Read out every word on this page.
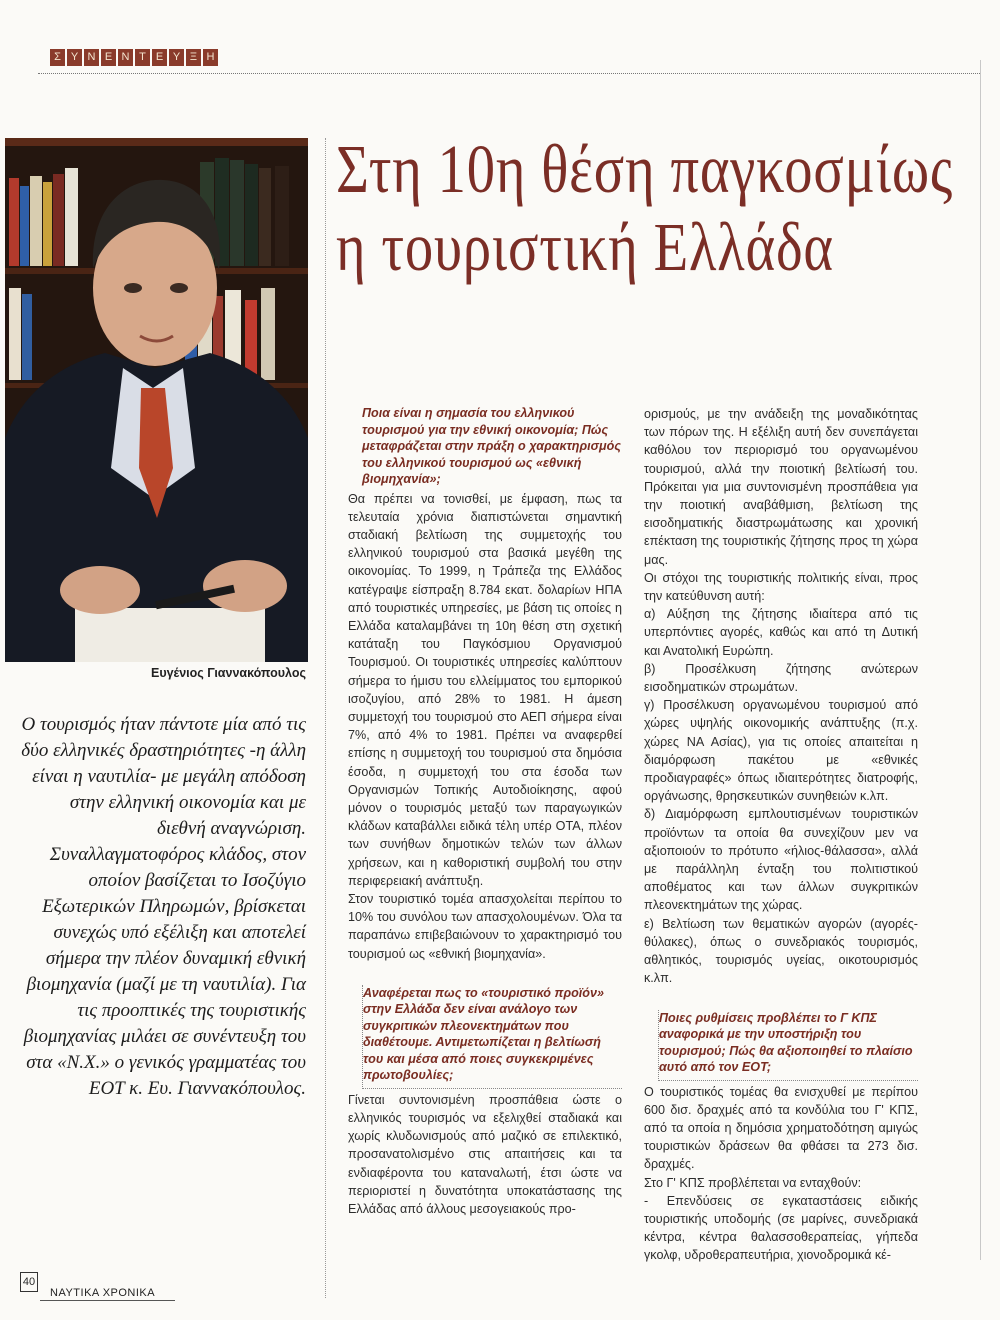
Σ Υ Ν Ε Ν Τ Ε Υ Ξ Η
Ευγένιος Γιαννακόπουλος
Ο τουρισμός ήταν πάντοτε μία από τις δύο ελληνικές δραστηριότητες -η άλλη είναι η ναυτιλία- με μεγάλη απόδοση στην ελληνική οικονομία και με διεθνή αναγνώριση. Συναλλαγματοφόρος κλάδος, στον οποίον βασίζεται το Ισοζύγιο Εξωτερικών Πληρωμών, βρίσκεται συνεχώς υπό εξέλιξη και αποτελεί σήμερα την πλέον δυναμική εθνική βιομηχανία (μαζί με τη ναυτιλία). Για τις προοπτικές της τουριστικής βιομηχανίας μιλάει σε συνέντευξη του στα «Ν.Χ.» ο γενικός γραμματέας του ΕΟΤ κ. Ευ. Γιαννακόπουλος.
Στη 10η θέση παγκοσμίως
η τουριστική Ελλάδα
Ποια είναι η σημασία του ελληνικού τουρισμού για την εθνική οικονομία; Πώς μεταφράζεται στην πράξη ο χαρακτηρισμός του ελληνικού τουρισμού ως «εθνική βιομηχανία»;

Θα πρέπει να τονισθεί, με έμφαση, πως τα τελευταία χρόνια διαπιστώνεται σημαντική σταδιακή βελτίωση της συμμετοχής του ελληνικού τουρισμού στα βασικά μεγέθη της οικονομίας. Το 1999, η Τράπεζα της Ελλάδος κατέγραψε είσπραξη 8.784 εκατ. δολαρίων ΗΠΑ από τουριστικές υπηρεσίες, με βάση τις οποίες η Ελλάδα καταλαμβάνει τη 10η θέση στη σχετική κατάταξη του Παγκόσμιου Οργανισμού Τουρισμού. Οι τουριστικές υπηρεσίες καλύπτουν σήμερα το ήμισυ του ελλείμματος του εμπορικού ισοζυγίου, από 28% το 1981. Η άμεση συμμετοχή του τουρισμού στο ΑΕΠ σήμερα είναι 7%, από 4% το 1981. Πρέπει να αναφερθεί επίσης η συμμετοχή του τουρισμού στα δημόσια έσοδα, η συμμετοχή του στα έσοδα των Οργανισμών Τοπικής Αυτοδιοίκησης, αφού μόνον ο τουρισμός μεταξύ των παραγωγικών κλάδων καταβάλλει ειδικά τέλη υπέρ ΟΤΑ, πλέον των συνήθων δημοτικών τελών των άλλων χρήσεων, και η καθοριστική συμβολή του στην περιφερειακή ανάπτυξη.

Στον τουριστικό τομέα απασχολείται περίπου το 10% του συνόλου των απασχολουμένων. Όλα τα παραπάνω επιβεβαιώνουν το χαρακτηρισμό του τουρισμού ως «εθνική βιομηχανία».

Αναφέρεται πως το «τουριστικό προϊόν» στην Ελλάδα δεν είναι ανάλογο των συγκριτικών πλεονεκτημάτων που διαθέτουμε. Αντιμετωπίζεται η βελτίωσή του και μέσα από ποιες συγκεκριμένες πρωτοβουλίες;

Γίνεται συντονισμένη προσπάθεια ώστε ο ελληνικός τουρισμός να εξελιχθεί σταδιακά και χωρίς κλυδωνισμούς από μαζικό σε επιλεκτικό, προσανατολισμένο στις απαιτήσεις και τα ενδιαφέροντα του καταναλωτή, έτσι ώστε να περιοριστεί η δυνατότητα υποκατάστασης της Ελλάδας από άλλους μεσογειακούς προ-

ορισμούς, με την ανάδειξη της μοναδικότητας των πόρων της. Η εξέλιξη αυτή δεν συνεπάγεται καθόλου τον περιορισμό του οργανωμένου τουρισμού, αλλά την ποιοτική βελτίωσή του. Πρόκειται για μια συντονισμένη προσπάθεια για την ποιοτική αναβάθμιση, βελτίωση της εισοδηματικής διαστρωμάτωσης και χρονική επέκταση της τουριστικής ζήτησης προς τη χώρα μας.

Οι στόχοι της τουριστικής πολιτικής είναι, προς την κατεύθυνση αυτή:

α) Αύξηση της ζήτησης ιδιαίτερα από τις υπερπόντιες αγορές, καθώς και από τη Δυτική και Ανατολική Ευρώπη.

β) Προσέλκυση ζήτησης ανώτερων εισοδηματικών στρωμάτων.

γ) Προσέλκυση οργανωμένου τουρισμού από χώρες υψηλής οικονομικής ανάπτυξης (π.χ. χώρες ΝΑ Ασίας), για τις οποίες απαιτείται η διαμόρφωση πακέτου με «εθνικές προδιαγραφές» όπως ιδιαιτερότητες διατροφής, οργάνωσης, θρησκευτικών συνηθειών κ.λπ.

δ) Διαμόρφωση εμπλουτισμένων τουριστικών προϊόντων τα οποία θα συνεχίζουν μεν να αξιοποιούν το πρότυπο «ήλιος-θάλασσα», αλλά με παράλληλη ένταξη του πολιτιστικού αποθέματος και των άλλων συγκριτικών πλεονεκτημάτων της χώρας.

ε) Βελτίωση των θεματικών αγορών (αγορές-θύλακες), όπως ο συνεδριακός τουρισμός, αθλητικός, τουρισμός υγείας, οικοτουρισμός κ.λπ.

Ποιες ρυθμίσεις προβλέπει το Γ ΚΠΣ αναφορικά με την υποστήριξη του τουρισμού; Πώς θα αξιοποιηθεί το πλαίσιο αυτό από τον ΕΟΤ;

Ο τουριστικός τομέας θα ενισχυθεί με περίπου 600 δισ. δραχμές από τα κονδύλια του Γ' ΚΠΣ, από τα οποία η δημόσια χρηματοδότηση αμιγώς τουριστικών δράσεων θα φθάσει τα 273 δισ. δραχμές.

Στο Γ' ΚΠΣ προβλέπεται να ενταχθούν:

- Επενδύσεις σε εγκαταστάσεις ειδικής τουριστικής υποδομής (σε μαρίνες, συνεδριακά κέντρα, κέντρα θαλασσοθεραπείας, γήπεδα γκολφ, υδροθεραπευτήρια, χιονοδρομικά κέ-

40
ΝΑΥΤΙΚΑ ΧΡΟΝΙΚΑ
